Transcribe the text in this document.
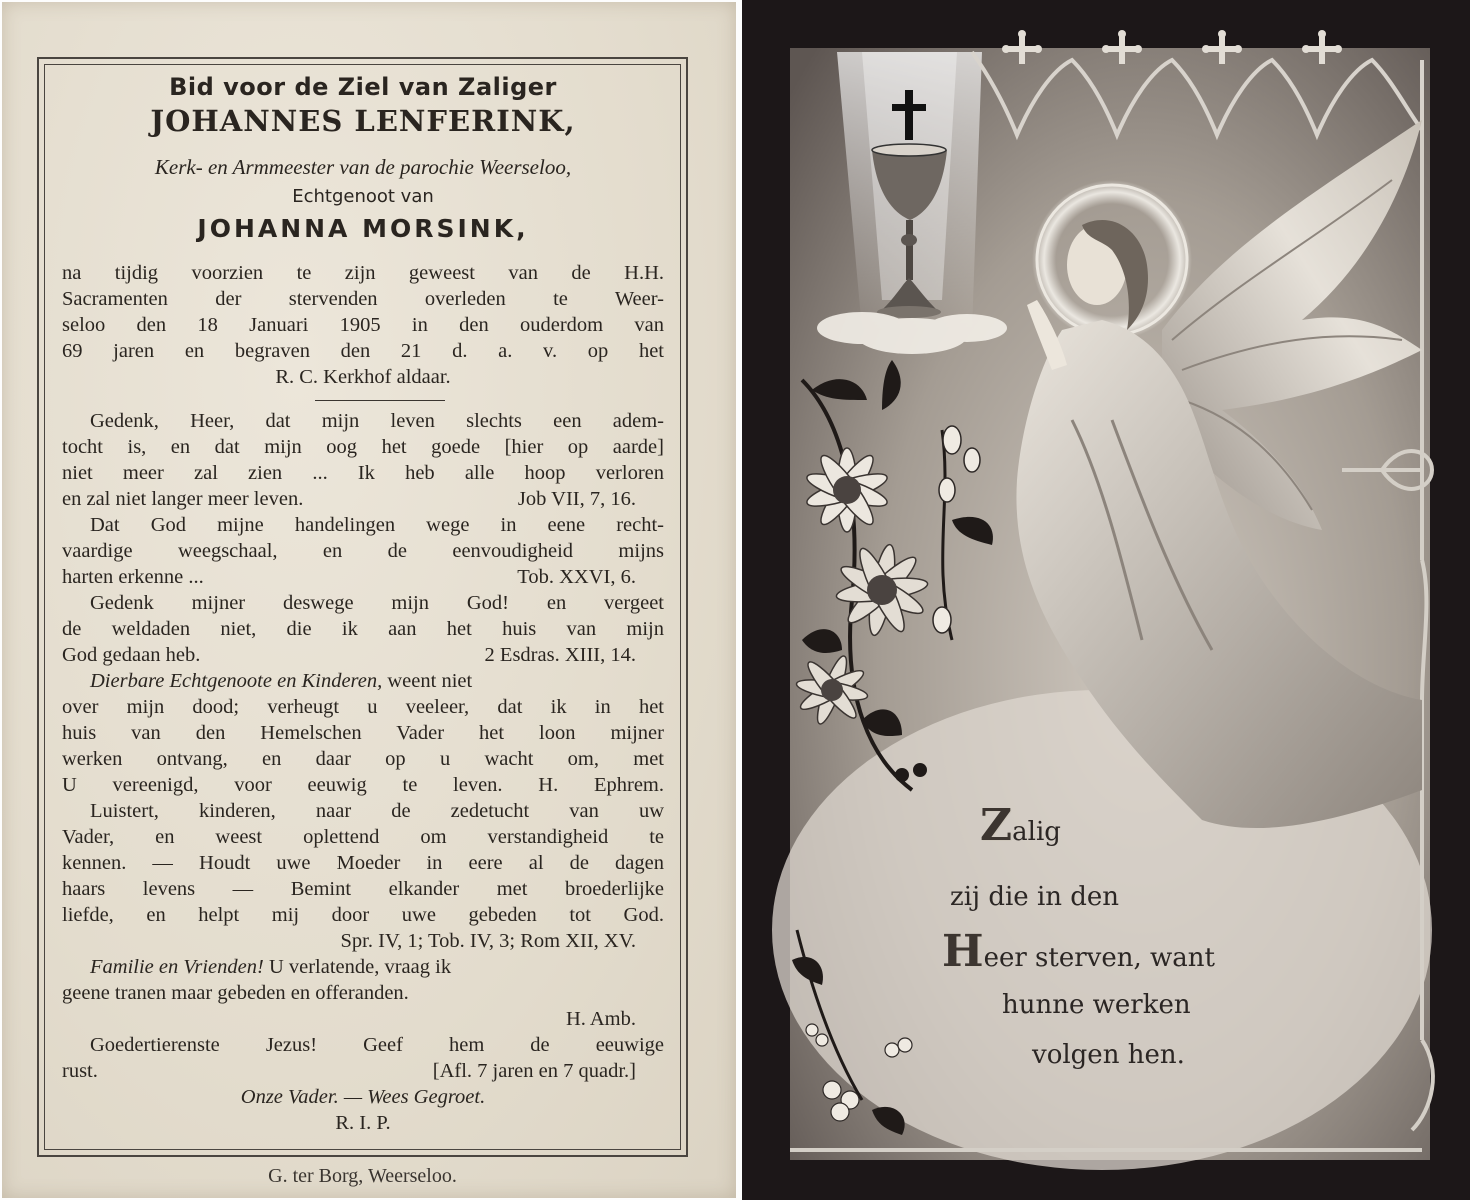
Bid voor de Ziel van Zaliger
JOHANNES LENFERINK,
Kerk- en Armmeester van de parochie Weerseloo,
Echtgenoot van
JOHANNA MORSINK,
na tijdig voorzien te zijn geweest van de H.H.
Sacramenten der stervenden overleden te Weer-
seloo den 18 Januari 1905 in den ouderdom van
69 jaren en begraven den 21 d. a. v. op het
R. C. Kerkhof aldaar.
Gedenk, Heer, dat mijn leven slechts een adem-
tocht is, en dat mijn oog het goede [hier op aarde]
niet meer zal zien ... Ik heb alle hoop verloren
en zal niet langer meer leven.	Job VII, 7, 16.
Dat God mijne handelingen wege in eene recht-
vaardige weegschaal, en de eenvoudigheid mijns
harten erkenne ...	Tob. XXVI, 6.
Gedenk mijner deswege mijn God! en vergeet
de weldaden niet, die ik aan het huis van mijn
God gedaan heb.	2 Esdras. XIII, 14.
Dierbare Echtgenoote en Kinderen, weent niet
over mijn dood; verheugt u veeleer, dat ik in het
huis van den Hemelschen Vader het loon mijner
werken ontvang, en daar op u wacht om, met
U vereenigd, voor eeuwig te leven. H. Ephrem.
Luistert, kinderen, naar de zedetucht van uw
Vader, en weest oplettend om verstandigheid te
kennen. — Houdt uwe Moeder in eere al de dagen
haars levens — Bemint elkander met broederlijke
liefde, en helpt mij door uwe gebeden tot God.
Spr. IV, 1; Tob. IV, 3; Rom XII, XV.
Familie en Vrienden! U verlatende, vraag ik
geene tranen maar gebeden en offeranden.
H. Amb.
Goedertierenste Jezus! Geef hem de eeuwige
rust.	[Afl. 7 jaren en 7 quadr.]
Onze Vader. — Wees Gegroet.
R. I. P.
G. ter Borg, Weerseloo.
Zalig
zij die in den
Heer sterven, want
hunne werken
volgen hen.
